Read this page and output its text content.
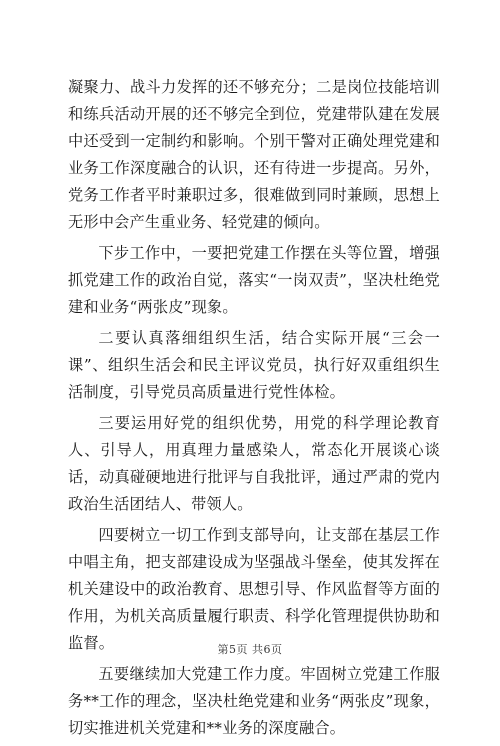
凝聚力、战斗力发挥的还不够充分；二是岗位技能培训和练兵活动开展的还不够完全到位，党建带队建在发展中还受到一定制约和影响。个别干警对正确处理党建和业务工作深度融合的认识，还有待进一步提高。另外，党务工作者平时兼职过多，很难做到同时兼顾，思想上无形中会产生重业务、轻党建的倾向。

下步工作中，一要把党建工作摆在头等位置，增强抓党建工作的政治自觉，落实“一岗双责”，坚决杜绝党建和业务“两张皮”现象。

二要认真落细组织生活，结合实际开展“三会一课”、组织生活会和民主评议党员，执行好双重组织生活制度，引导党员高质量进行党性体检。

三要运用好党的组织优势，用党的科学理论教育人、引导人，用真理力量感染人，常态化开展谈心谈话，动真碰硬地进行批评与自我批评，通过严肃的党内政治生活团结人、带领人。

四要树立一切工作到支部导向，让支部在基层工作中唱主角，把支部建设成为坚强战斗堡垒，使其发挥在机关建设中的政治教育、思想引导、作风监督等方面的作用，为机关高质量履行职责、科学化管理提供协助和监督。

五要继续加大党建工作力度。牢固树立党建工作服务**工作的理念，坚决杜绝党建和业务“两张皮”现象，切实推进机关党建和**业务的深度融合。

第5页 共6页
